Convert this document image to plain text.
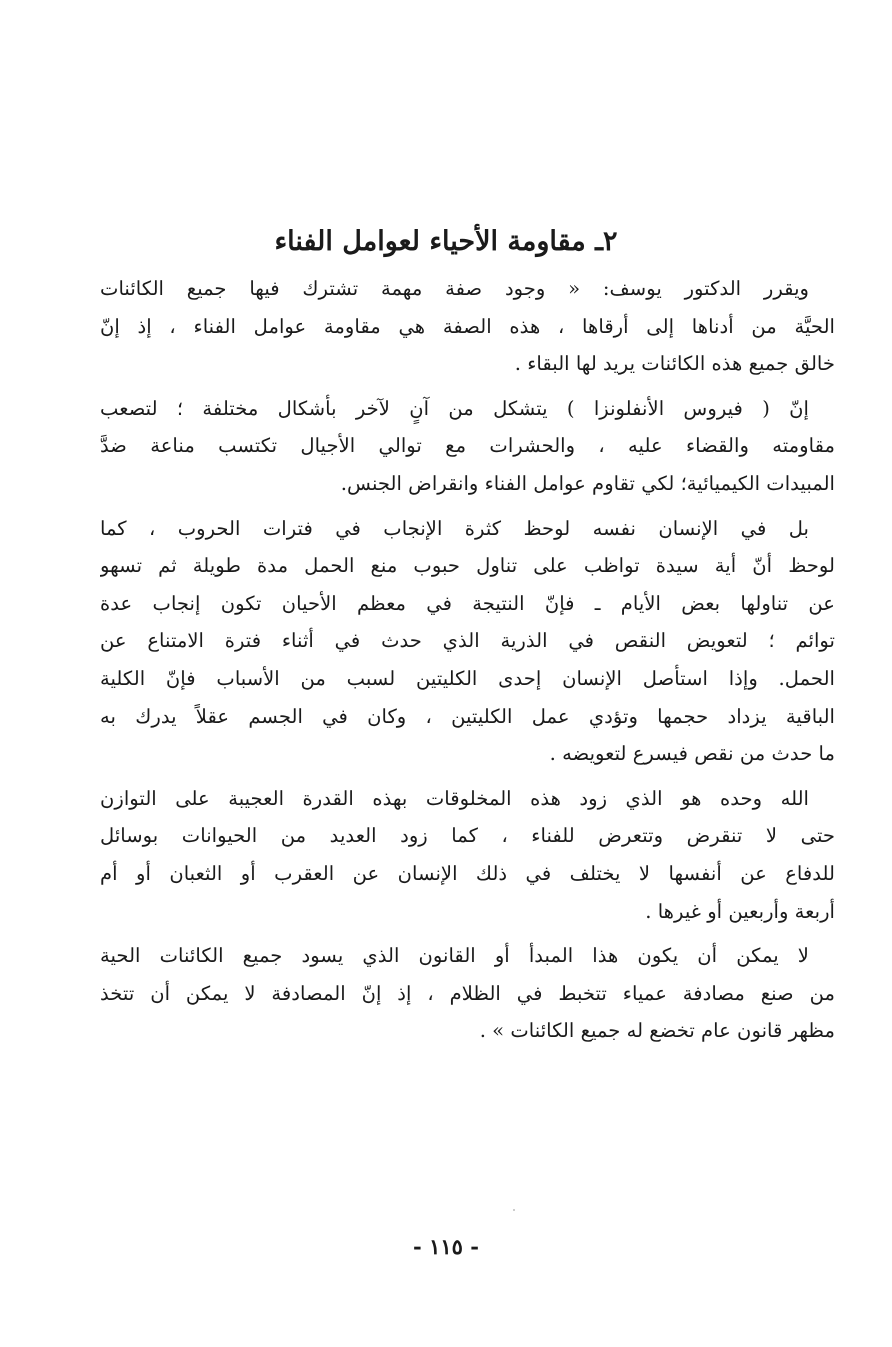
٢ـ مقاومة الأحياء لعوامل الفناء
ويقرر الدكتور يوسف: « وجود صفة مهمة تشترك فيها جميع الكائنات
الحيَّة من أدناها إلى أرقاها ، هذه الصفة هي مقاومة عوامل الفناء ، إذ إنّ
خالق جميع هذه الكائنات يريد لها البقاء .
إنّ ( فيروس الأنفلونزا ) يتشكل من آنٍ لآخر بأشكال مختلفة ؛ لتصعب
مقاومته والقضاء عليه ، والحشرات مع توالي الأجيال تكتسب مناعة ضدَّ
المبيدات الكيميائية؛ لكي تقاوم عوامل الفناء وانقراض الجنس.
بل في الإنسان نفسه لوحظ كثرة الإنجاب في فترات الحروب ، كما
لوحظ أنّ أية سيدة تواظب على تناول حبوب منع الحمل مدة طويلة ثم تسهو
عن تناولها بعض الأيام ـ فإنّ النتيجة في معظم الأحيان تكون إنجاب عدة
توائم ؛ لتعويض النقص في الذرية الذي حدث في أثناء فترة الامتناع عن
الحمل. وإذا استأصل الإنسان إحدى الكليتين لسبب من الأسباب فإنّ الكلية
الباقية يزداد حجمها وتؤدي عمل الكليتين ، وكان في الجسم عقلاً يدرك به
ما حدث من نقص فيسرع لتعويضه .
الله وحده هو الذي زود هذه المخلوقات بهذه القدرة العجيبة على التوازن
حتى لا تنقرض وتتعرض للفناء ، كما زود العديد من الحيوانات بوسائل
للدفاع عن أنفسها لا يختلف في ذلك الإنسان عن العقرب أو الثعبان أو أم
أربعة وأربعين أو غيرها .
لا يمكن أن يكون هذا المبدأ أو القانون الذي يسود جميع الكائنات الحية
من صنع مصادفة عمياء تتخبط في الظلام ، إذ إنّ المصادفة لا يمكن أن تتخذ
مظهر قانون عام تخضع له جميع الكائنات » .
- ١١٥ -
